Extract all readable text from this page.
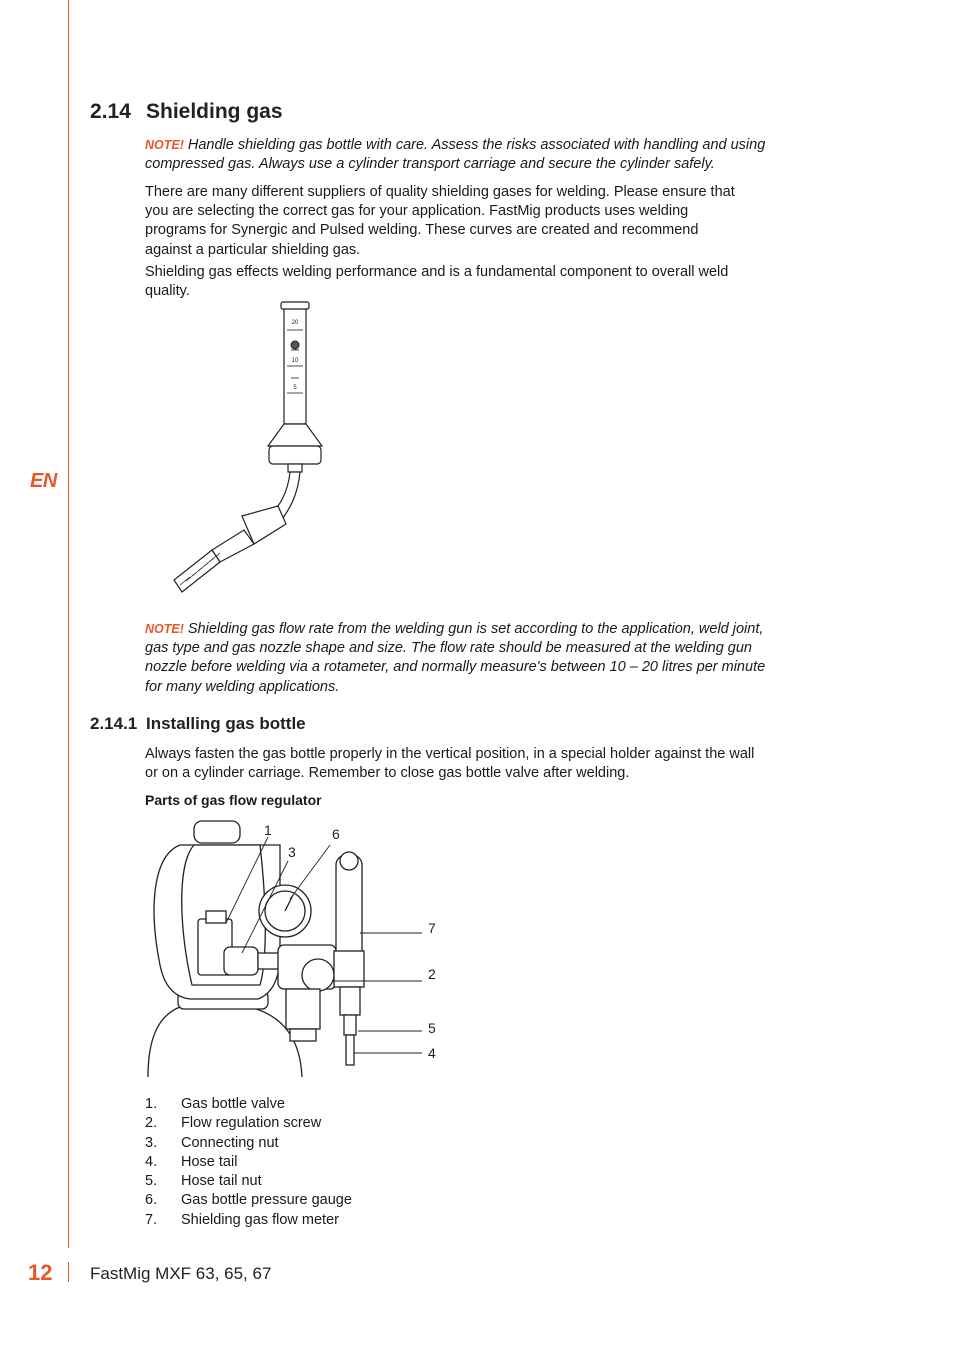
EN
2.14 Shielding gas
NOTE! Handle shielding gas bottle with care. Assess the risks associated with handling and using compressed gas. Always use a cylinder transport carriage and secure the cylinder safely.
There are many different suppliers of quality shielding gases for welding. Please ensure that you are selecting the correct gas for your application. FastMig products uses welding programs for Synergic and Pulsed welding. These curves are created and recommend against a particular shielding gas.
Shielding gas effects welding performance and is a fundamental component to overall weld quality.
20
10
5
NOTE! Shielding gas flow rate from the welding gun is set according to the application, weld joint, gas type and gas nozzle shape and size. The flow rate should be measured at the welding gun nozzle before welding via a rotameter, and normally measure's between 10 – 20 litres per minute for many welding applications.
2.14.1 Installing gas bottle
Always fasten the gas bottle properly in the vertical position, in a special holder against the wall or on a cylinder carriage. Remember to close gas bottle valve after welding.
Parts of gas flow regulator
1
3
6
7
2
5
4
1. Gas bottle valve
2. Flow regulation screw
3. Connecting nut
4. Hose tail
5. Hose tail nut
6. Gas bottle pressure gauge
7. Shielding gas flow meter
12 FastMig MXF 63, 65, 67
